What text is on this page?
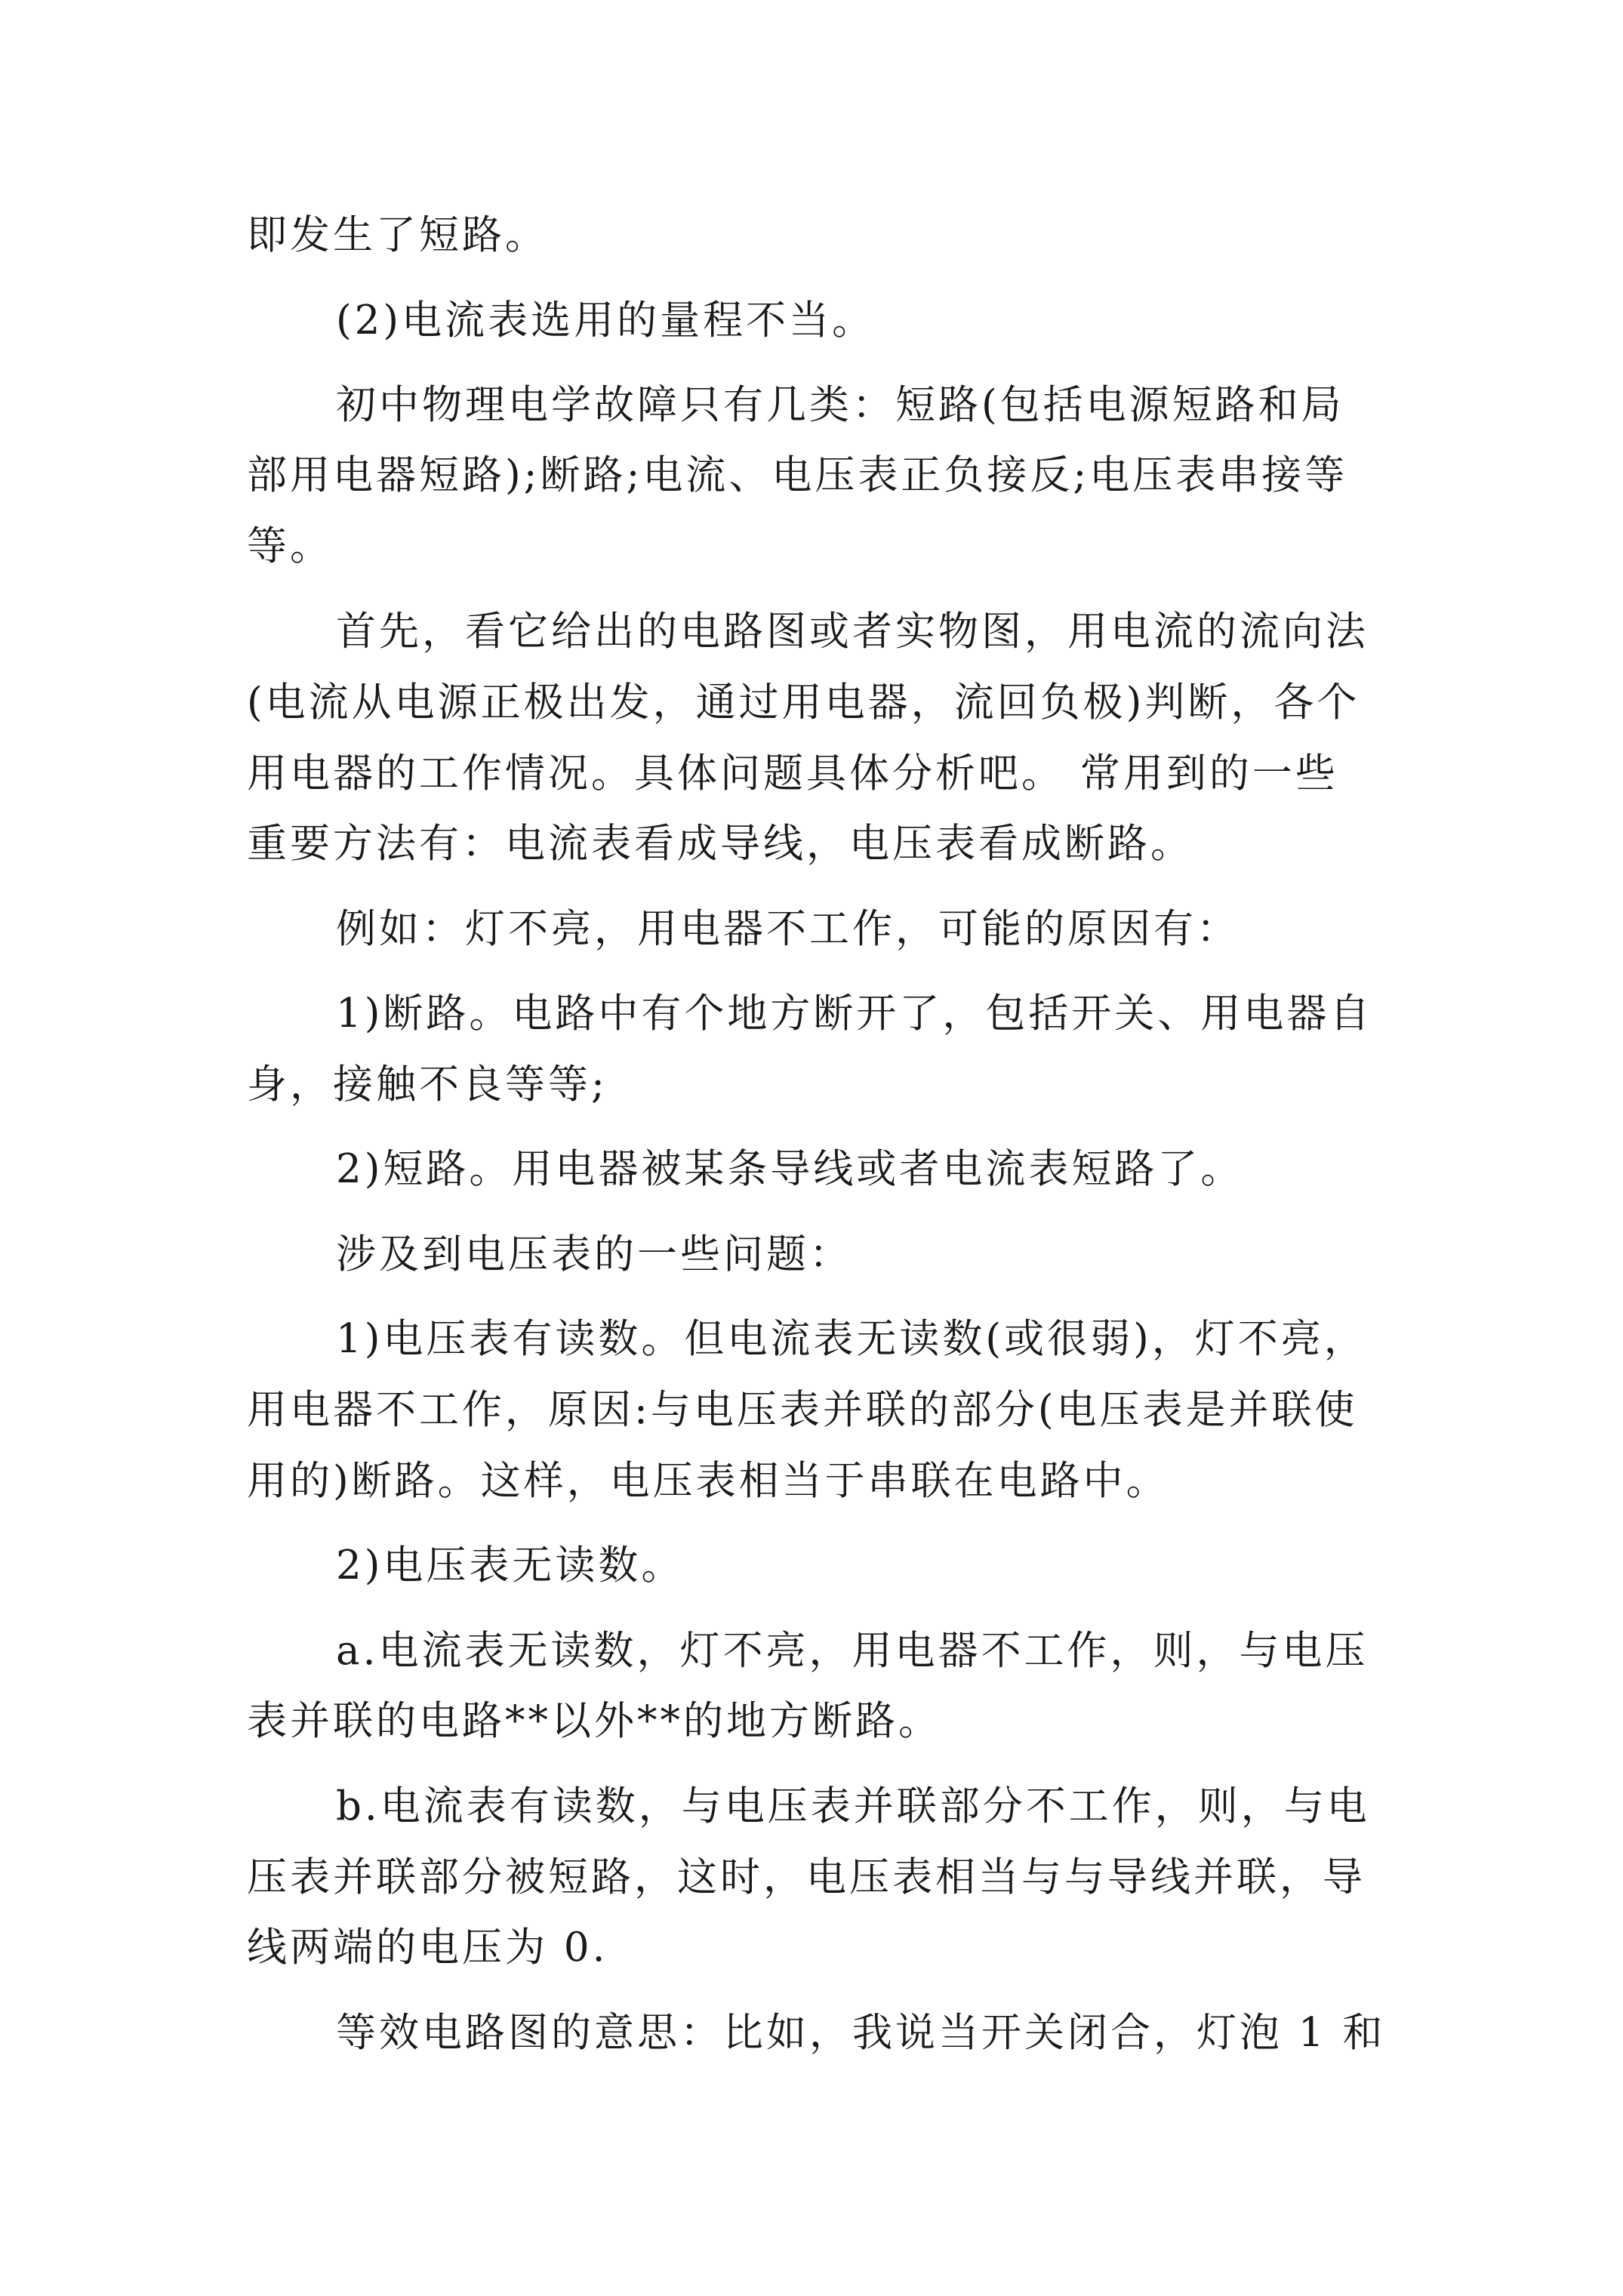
即发生了短路。
(2)电流表选用的量程不当。
初中物理电学故障只有几类：短路(包括电源短路和局
部用电器短路);断路;电流、电压表正负接反;电压表串接等
等。
首先，看它给出的电路图或者实物图，用电流的流向法
(电流从电源正极出发，通过用电器，流回负极)判断，各个
用电器的工作情况。具体问题具体分析吧。 常用到的一些
重要方法有：电流表看成导线，电压表看成断路。
例如：灯不亮，用电器不工作，可能的原因有：
1)断路。电路中有个地方断开了，包括开关、用电器自
身，接触不良等等;
2)短路。用电器被某条导线或者电流表短路了。
涉及到电压表的一些问题：
1)电压表有读数。但电流表无读数(或很弱)，灯不亮，
用电器不工作，原因:与电压表并联的部分(电压表是并联使
用的)断路。这样，电压表相当于串联在电路中。
2)电压表无读数。
a.电流表无读数，灯不亮，用电器不工作，则，与电压
表并联的电路**以外**的地方断路。
b.电流表有读数，与电压表并联部分不工作，则，与电
压表并联部分被短路，这时，电压表相当与与导线并联，导
线两端的电压为 0.
等效电路图的意思：比如，我说当开关闭合，灯泡 1 和
